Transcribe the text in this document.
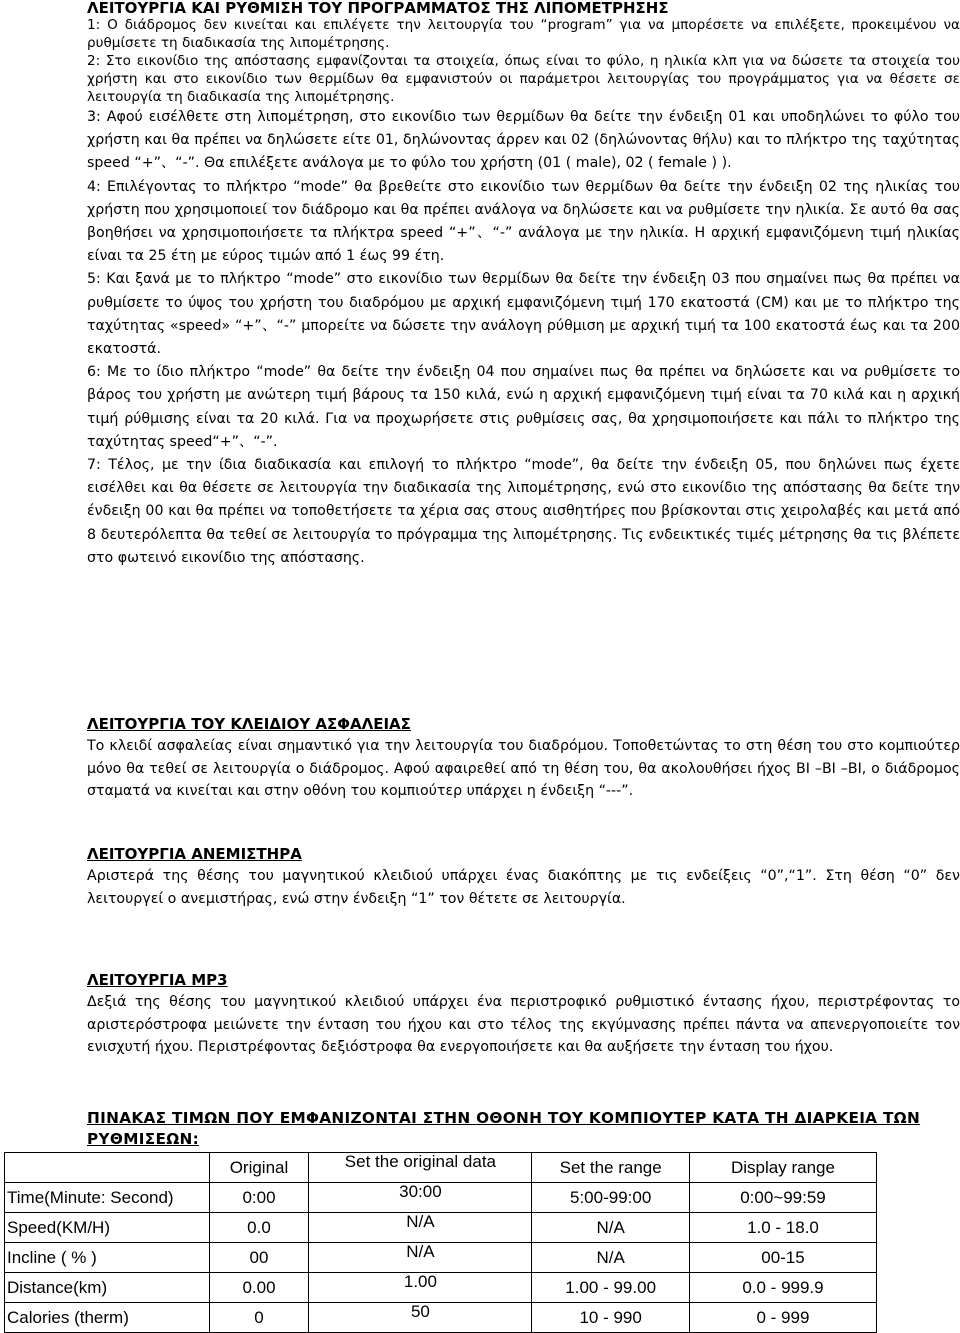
ΛΕΙΤΟΥΡΓΙΑ ΚΑΙ ΡΥΘΜΙΣΗ ΤΟΥ ΠΡΟΓΡΑΜΜΑΤΟΣ ΤΗΣ ΛΙΠΟΜΕΤΡΗΣΗΣ

1: Ο διάδρομος δεν κινείται και επιλέγετε την λειτουργία του “program” για να μπορέσετε να επιλέξετε, προκειμένου να ρυθμίσετε τη διαδικασία της λιπομέτρησης.

2: Στο εικονίδιο της απόστασης εμφανίζονται τα στοιχεία, όπως είναι το φύλο, η ηλικία κλπ για να δώσετε τα στοιχεία του χρήστη και στο εικονίδιο των θερμίδων θα εμφανιστούν οι παράμετροι λειτουργίας του προγράμματος για να θέσετε σε λειτουργία τη διαδικασία της λιπομέτρησης.

3: Αφού εισέλθετε στη λιπομέτρηση, στο εικονίδιο των θερμίδων θα δείτε την ένδειξη 01 και υποδηλώνει το φύλο του χρήστη και θα πρέπει να δηλώσετε είτε 01, δηλώνοντας άρρεν και 02 (δηλώνοντας θήλυ) και το πλήκτρο της ταχύτητας speed “+”、“-”. Θα επιλέξετε ανάλογα με το φύλο του χρήστη (01 ( male), 02 ( female ) ).

4: Επιλέγοντας το πλήκτρο “mode” θα βρεθείτε στο εικονίδιο των θερμίδων θα δείτε την ένδειξη 02 της ηλικίας του χρήστη που χρησιμοποιεί τον διάδρομο και θα πρέπει ανάλογα να δηλώσετε και να ρυθμίσετε την ηλικία. Σε αυτό θα σας βοηθήσει να χρησιμοποιήσετε τα πλήκτρα speed “+”、“-” ανάλογα με την ηλικία. Η αρχική εμφανιζόμενη τιμή ηλικίας είναι τα 25 έτη με εύρος τιμών από 1 έως 99 έτη.

5: Και ξανά με το πλήκτρο “mode” στο εικονίδιο των θερμίδων θα δείτε την ένδειξη 03 που σημαίνει πως θα πρέπει να ρυθμίσετε το ύψος του χρήστη του διαδρόμου με αρχική εμφανιζόμενη τιμή 170 εκατοστά (CM) και με το πλήκτρο της ταχύτητας «speed» “+”、“-” μπορείτε να δώσετε την ανάλογη ρύθμιση με αρχική τιμή τα 100 εκατοστά έως και τα 200 εκατοστά.

6: Με το ίδιο πλήκτρο “mode” θα δείτε την ένδειξη 04 που σημαίνει πως θα πρέπει να δηλώσετε και να ρυθμίσετε το βάρος του χρήστη με ανώτερη τιμή βάρους τα 150 κιλά, ενώ η αρχική εμφανιζόμενη τιμή είναι τα 70 κιλά και η αρχική τιμή ρύθμισης είναι τα 20 κιλά. Για να προχωρήσετε στις ρυθμίσεις σας, θα χρησιμοποιήσετε και πάλι το πλήκτρο της ταχύτητας speed“+”、“-”.

7: Τέλος, με την ίδια διαδικασία και επιλογή το πλήκτρο “mode”, θα δείτε την ένδειξη 05, που δηλώνει πως έχετε εισέλθει και θα θέσετε σε λειτουργία την διαδικασία της λιπομέτρησης, ενώ στο εικονίδιο της απόστασης θα δείτε την ένδειξη 00 και θα πρέπει να τοποθετήσετε τα χέρια σας στους αισθητήρες που βρίσκονται στις χειρολαβές και μετά από 8 δευτερόλεπτα θα τεθεί σε λειτουργία το πρόγραμμα της λιπομέτρησης. Τις ενδεικτικές τιμές μέτρησης θα τις βλέπετε στο φωτεινό εικονίδιο της απόστασης.

ΛΕΙΤΟΥΡΓΙΑ ΤΟΥ ΚΛΕΙΔΙΟΥ ΑΣΦΑΛΕΙΑΣ

Το κλειδί ασφαλείας είναι σημαντικό για την λειτουργία του διαδρόμου. Τοποθετώντας το στη θέση του στο κομπιούτερ μόνο θα τεθεί σε λειτουργία ο διάδρομος. Αφού αφαιρεθεί από τη θέση του, θα ακολουθήσει ήχος BI –BI –BI, ο διάδρομος σταματά να κινείται και στην οθόνη του κομπιούτερ υπάρχει η ένδειξη “---”.

ΛΕΙΤΟΥΡΓΙΑ ΑΝΕΜΙΣΤΗΡΑ

Αριστερά της θέσης του μαγνητικού κλειδιού υπάρχει ένας διακόπτης με τις ενδείξεις “0”,“1”. Στη θέση “0” δεν λειτουργεί ο ανεμιστήρας, ενώ στην ένδειξη “1” τον θέτετε σε λειτουργία.

ΛΕΙΤΟΥΡΓΙΑ MP3

Δεξιά της θέσης του μαγνητικού κλειδιού υπάρχει ένα περιστροφικό ρυθμιστικό έντασης ήχου, περιστρέφοντας το αριστερόστροφα μειώνετε την ένταση του ήχου και στο τέλος της εκγύμνασης πρέπει πάντα να απενεργοποιείτε τον ενισχυτή ήχου. Περιστρέφοντας δεξιόστροφα θα ενεργοποιήσετε και θα αυξήσετε την ένταση του ήχου.

ΠΙΝΑΚΑΣ ΤΙΜΩΝ ΠΟΥ ΕΜΦΑΝΙΖΟΝΤΑΙ ΣΤΗΝ ΟΘΟΝΗ ΤΟΥ ΚΟΜΠΙΟΥΤΕΡ ΚΑΤΑ ΤΗ ΔΙΑΡΚΕΙΑ ΤΩΝ ΡΥΘΜΙΣΕΩΝ:

	Original	Set the original data	Set the range	Display range
Time(Minute: Second)	0:00	30:00	5:00-99:00	0:00~99:59
Speed(KM/H)	0.0	N/A	N/A	1.0 - 18.0
Incline ( % )	00	N/A	N/A	00-15
Distance(km)	0.00	1.00	1.00 - 99.00	0.0 - 999.9
Calories (therm)	0	50	10 - 990	0 - 999
